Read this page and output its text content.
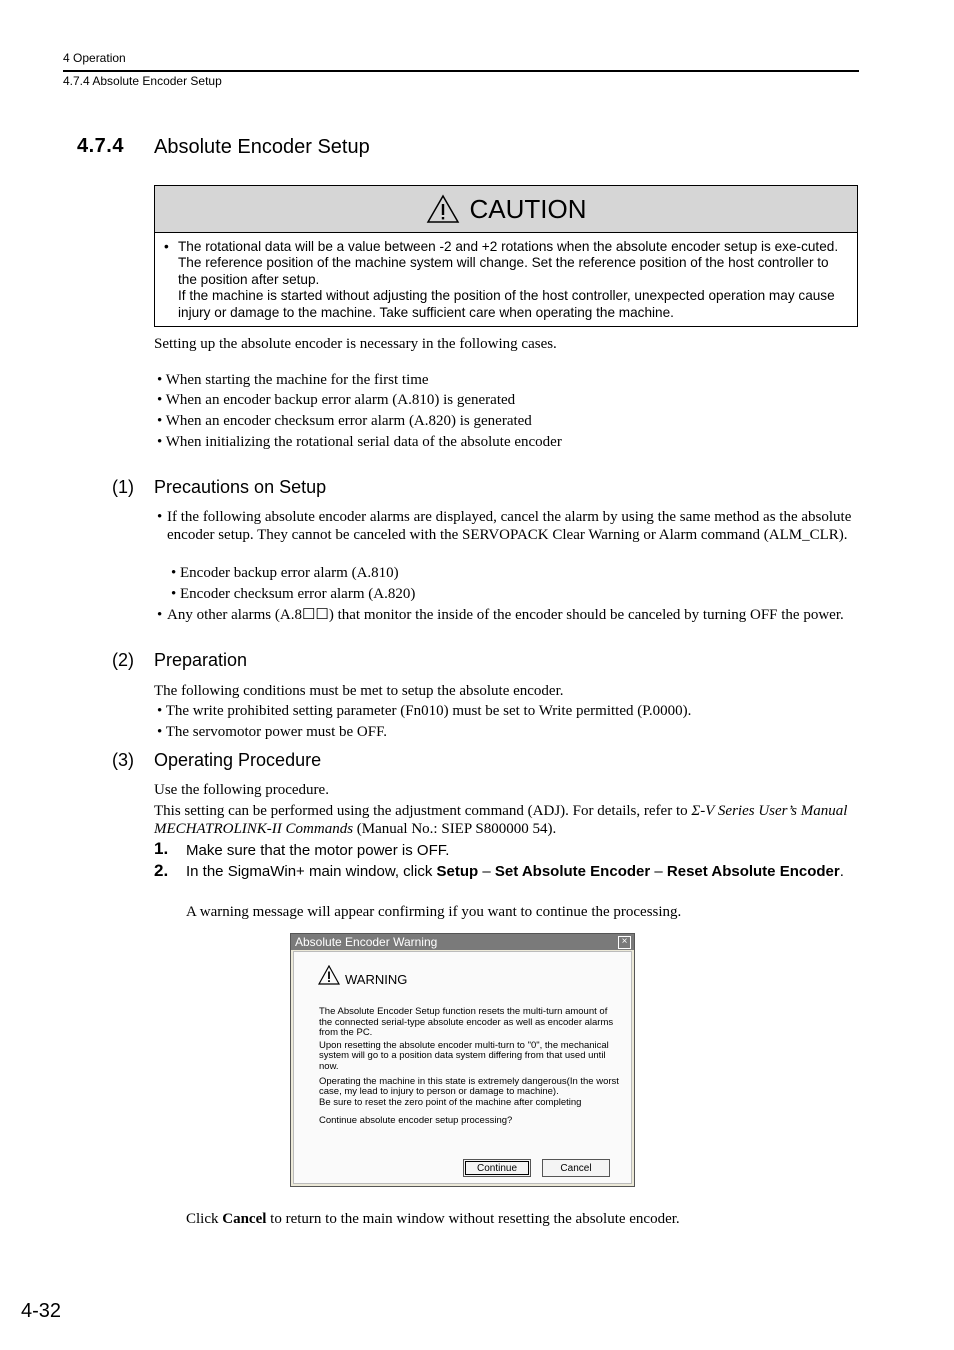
4 Operation
4.7.4 Absolute Encoder Setup
4.7.4 Absolute Encoder Setup
CAUTION
• The rotational data will be a value between -2 and +2 rotations when the absolute encoder setup is exe-cuted. The reference position of the machine system will change. Set the reference position of the host controller to the position after setup.
If the machine is started without adjusting the position of the host controller, unexpected operation may cause injury or damage to the machine. Take sufficient care when operating the machine.
Setting up the absolute encoder is necessary in the following cases.
• When starting the machine for the first time
• When an encoder backup error alarm (A.810) is generated
• When an encoder checksum error alarm (A.820) is generated
• When initializing the rotational serial data of the absolute encoder
(1) Precautions on Setup
• If the following absolute encoder alarms are displayed, cancel the alarm by using the same method as the absolute encoder setup. They cannot be canceled with the SERVOPACK Clear Warning or Alarm command (ALM_CLR).
• Encoder backup error alarm (A.810)
• Encoder checksum error alarm (A.820)
• Any other alarms (A.8☐☐) that monitor the inside of the encoder should be canceled by turning OFF the power.
(2) Preparation
The following conditions must be met to setup the absolute encoder.
• The write prohibited setting parameter (Fn010) must be set to Write permitted (P.0000).
• The servomotor power must be OFF.
(3) Operating Procedure
Use the following procedure.
This setting can be performed using the adjustment command (ADJ). For details, refer to Σ-V Series User’s Manual MECHATROLINK-II Commands (Manual No.: SIEP S800000 54).
1. Make sure that the motor power is OFF.
2. In the SigmaWin+ main window, click Setup – Set Absolute Encoder – Reset Absolute Encoder.
A warning message will appear confirming if you want to continue the processing.
Absolute Encoder Warning	×
WARNING
The Absolute Encoder Setup function resets the multi-turn amount of the connected serial-type absolute encoder as well as encoder alarms from the PC.
Upon resetting the absolute encoder multi-turn to "0", the mechanical system will go to a position data system differing from that used until now.
Operating the machine in this state is extremely dangerous(In the worst case, my lead to injury to person or damage to machine).
Be sure to reset the zero point of the machine after completing
Continue absolute encoder setup processing?
Continue	Cancel
Click Cancel to return to the main window without resetting the absolute encoder.
4-32
